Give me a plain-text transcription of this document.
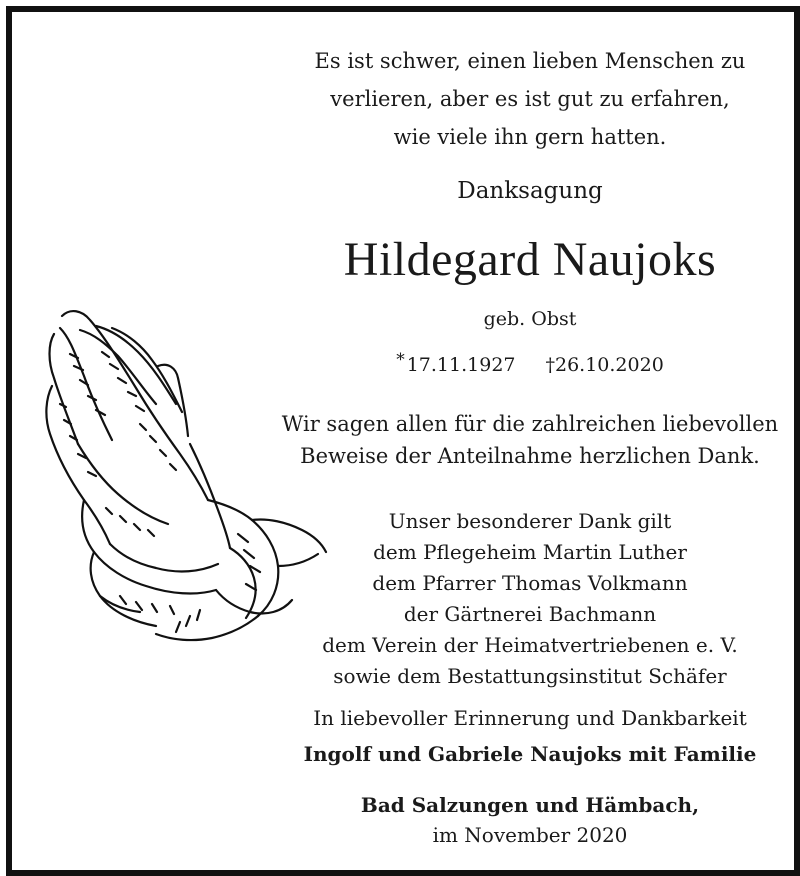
Es ist schwer, einen lieben Menschen zu
verlieren, aber es ist gut zu erfahren,
wie viele ihn gern hatten.
Danksagung
Hildegard Naujoks
geb. Obst
* 17.11.1927 †26.10.2020
Wir sagen allen für die zahlreichen liebevollen
Beweise der Anteilnahme herzlichen Dank.
Unser besonderer Dank gilt
dem Pflegeheim Martin Luther
dem Pfarrer Thomas Volkmann
der Gärtnerei Bachmann
dem Verein der Heimatvertriebenen e. V.
sowie dem Bestattungsinstitut Schäfer
In liebevoller Erinnerung und Dankbarkeit
Ingolf und Gabriele Naujoks mit Familie
Bad Salzungen und Hämbach,
im November 2020
